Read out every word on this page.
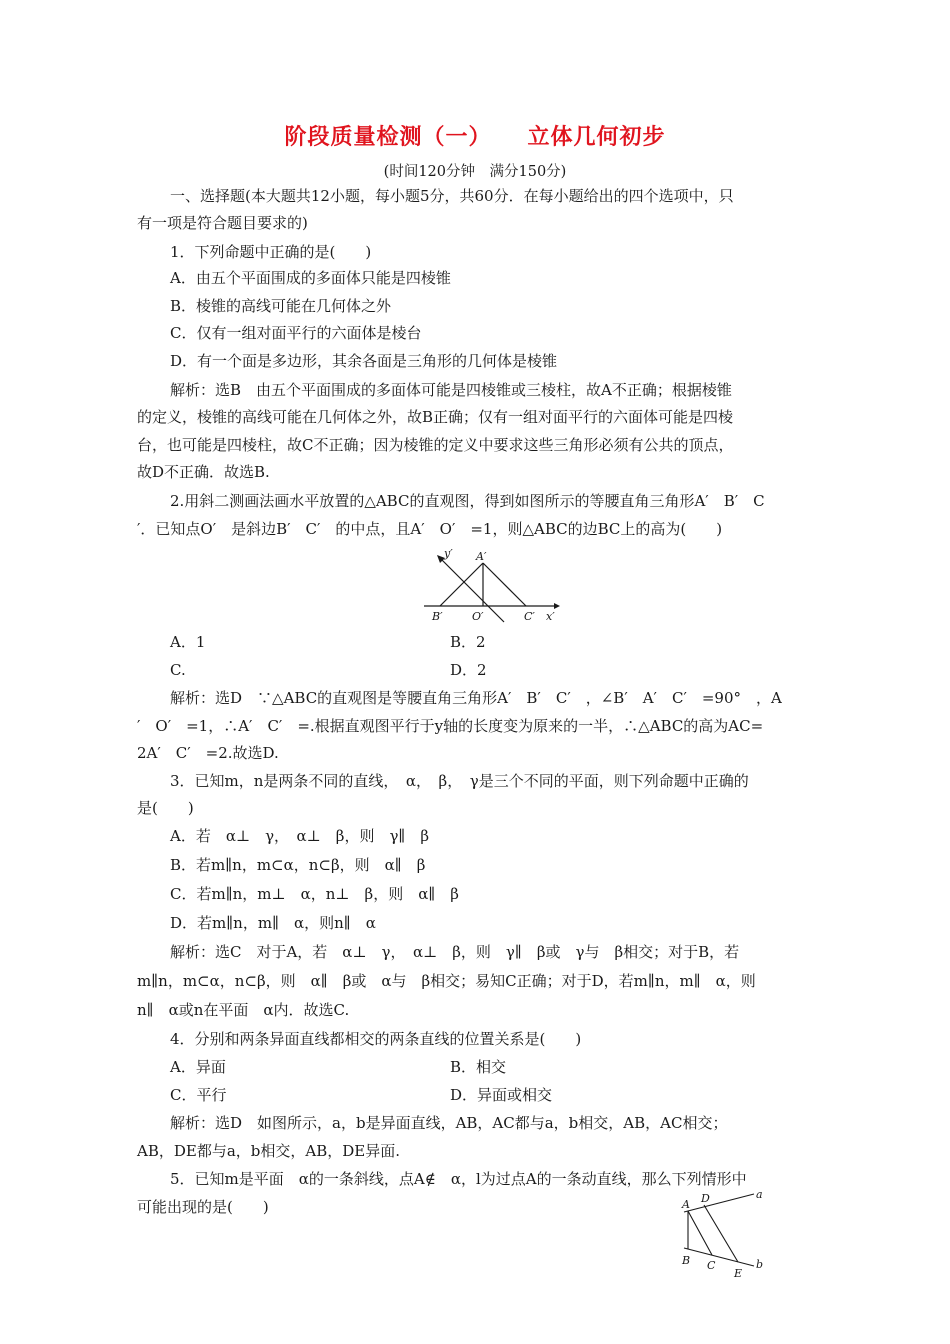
阶段质量检测（一） 立体几何初步
(时间120分钟　满分150分)
一、选择题(本大题共12小题，每小题5分，共60分．在每小题给出的四个选项中，只
有一项是符合题目要求的)
1．下列命题中正确的是(　　)
A．由五个平面围成的多面体只能是四棱锥
B．棱锥的高线可能在几何体之外
C．仅有一组对面平行的六面体是棱台
D．有一个面是多边形，其余各面是三角形的几何体是棱锥
解析：选B　由五个平面围成的多面体可能是四棱锥或三棱柱，故A不正确；根据棱锥
的定义，棱锥的高线可能在几何体之外，故B正确；仅有一组对面平行的六面体可能是四棱
台，也可能是四棱柱，故C不正确；因为棱锥的定义中要求这些三角形必须有公共的顶点，
故D不正确．故选B.
2.用斜二测画法画水平放置的△ABC的直观图，得到如图所示的等腰直角三角形A′　B′　C
′．已知点O′　是斜边B′　C′　的中点，且A′　O′　=1，则△ABC的边BC上的高为(　　)
y′ A′
B′	O′	C′ x′
A．1	B．2
C.	D．2
解析：选D　∵△ABC的直观图是等腰直角三角形A′　B′　C′　，∠B′　A′　C′　=90°　，A
′　O′　=1，∴A′　C′　=.根据直观图平行于y轴的长度变为原来的一半，∴△ABC的高为AC=
2A′　C′　=2.故选D.
3．已知m，n是两条不同的直线，　α，　β，　γ是三个不同的平面，则下列命题中正确的
是(　　)
A．若　α⊥　γ，　α⊥　β，则　γ∥　β
B．若m∥n，m⊂α，n⊂β，则　α∥　β
C．若m∥n，m⊥　α，n⊥　β，则　α∥　β
D．若m∥n，m∥　α，则n∥　α
解析：选C　对于A，若　α⊥　γ，　α⊥　β，则　γ∥　β或　γ与　β相交；对于B，若
m∥n，m⊂α，n⊂β，则　α∥　β或　α与　β相交；易知C正确；对于D，若m∥n，m∥　α，则
n∥　α或n在平面　α内．故选C.
4．分别和两条异面直线都相交的两条直线的位置关系是(　　)
A．异面	B．相交
C．平行	D．异面或相交
解析：选D　如图所示，a，b是异面直线，AB，AC都与a，b相交，AB，AC相交；
AB，DE都与a，b相交，AB，DE异面.
5．已知m是平面　α的一条斜线，点A∉　α，l为过点A的一条动直线，那么下列情形中
可能出现的是(　　)	A D	a
B C
E
b
